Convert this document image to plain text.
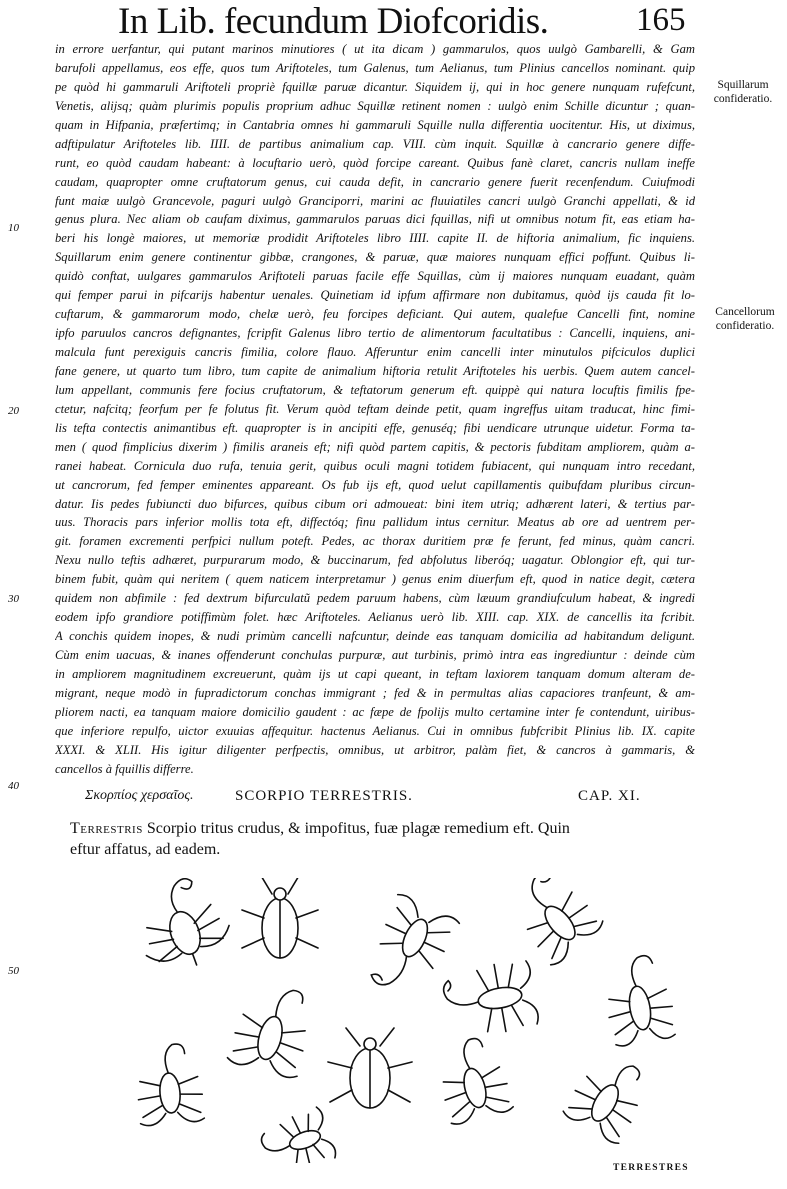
In Lib. fecundum Diofcoridis.	165
in errore uerfantur, qui putant marinos minutiores ( ut ita dicam ) gammarulos, quos uulgò Gambarelli, & Gam
barufoli appellamus, eos effe, quos tum Ariftoteles, tum Galenus, tum Aelianus, tum Plinius cancellos nominant. quip
pe quòd hi gammaruli Ariftoteli propriè fquillæ paruæ dicantur. Siquidem ij, qui in hoc genere nunquam rufefcunt,
Venetis, alijsq; quàm plurimis populis proprium adhuc Squillæ retinent nomen : uulgò enim Schille dicuntur ; quan-
quam in Hifpania, præfertimq; in Cantabria omnes hi gammaruli Squille nulla differentia uocitentur. His, ut diximus,
adftipulatur Ariftoteles lib. IIII. de partibus animalium cap. VIII. cùm inquit. Squillæ à cancrario genere diffe-
runt, eo quòd caudam habeant: à locuftario uerò, quòd forcipe careant. Quibus fanè claret, cancris nullam ineffe
caudam, quapropter omne cruftatorum genus, cui cauda defit, in cancrario genere fuerit recenfendum. Cuiufmodi
funt maiæ uulgò Grancevole, paguri uulgò Granciporri, marini ac fluuiatiles cancri uulgò Granchi appellati, & id
genus plura. Nec aliam ob caufam diximus, gammarulos paruas dici fquillas, nifi ut omnibus notum fit, eas etiam ha-
beri his longè maiores, ut memoriæ prodidit Ariftoteles libro IIII. capite II. de hiftoria animalium, fic inquiens.
Squillarum enim genere continentur gibbæ, crangones, & paruæ, quæ maiores nunquam effici poffunt. Quibus li-
quidò conftat, uulgares gammarulos Ariftoteli paruas facile effe Squillas, cùm ij maiores nunquam euadant, quàm
qui femper parui in pifcarijs habentur uenales. Quinetiam id ipfum affirmare non dubitamus, quòd ijs cauda fit lo-
cuftarum, & gammarorum modo, chelæ uerò, feu forcipes deficiant. Qui autem, qualefue Cancelli fint, nomine
ipfo paruulos cancros defignantes, fcripfit Galenus libro tertio de alimentorum facultatibus : Cancelli, inquiens, ani-
malcula funt perexiguis cancris fimilia, colore flauo. Afferuntur enim cancelli inter minutulos pifciculos duplici
fane genere, ut quarto tum libro, tum capite de animalium hiftoria retulit Ariftoteles his uerbis. Quem autem cancel-
lum appellant, communis fere focius cruftatorum, & teftatorum generum eft. quippè qui natura locuftis fimilis fpe-
ctetur, nafcitq; feorfum per fe folutus fit. Verum quòd teftam deinde petit, quam ingreffus uitam traducat, hinc fimi-
lis tefta contectis animantibus eft. quapropter is in ancipiti effe, genuséq; fibi uendicare utrunque uidetur. Forma ta-
men ( quod fimplicius dixerim ) fimilis araneis eft; nifi quòd partem capitis, & pectoris fubditam ampliorem, quàm a-
ranei habeat. Cornicula duo rufa, tenuia gerit, quibus oculi magni totidem fubiacent, qui nunquam intro recedant,
ut cancrorum, fed femper eminentes appareant. Os fub ijs eft, quod uelut capillamentis quibufdam pluribus circun-
datur. Iis pedes fubiuncti duo bifurces, quibus cibum ori admoueat: bini item utriq; adhærent lateri, & tertius par-
uus. Thoracis pars inferior mollis tota eft, diffectóq; finu pallidum intus cernitur. Meatus ab ore ad uentrem per-
git. foramen excrementi perfpici nullum poteft. Pedes, ac thorax duritiem præ fe ferunt, fed minus, quàm cancri.
Nexu nullo teftis adhæret, purpurarum modo, & buccinarum, fed abfolutus liberóq; uagatur. Oblongior eft, qui tur-
binem fubit, quàm qui neritem ( quem naticem interpretamur ) genus enim diuerfum eft, quod in natice degit, cætera
quidem non abfimile : fed dextrum bifurculatũ pedem paruum habens, cùm læuum grandiufculum habeat, & ingredi
eodem ipfo grandiore potiffimùm folet. hæc Ariftoteles. Aelianus uerò lib. XIII. cap. XIX. de cancellis ita fcribit.
A conchis quidem inopes, & nudi primùm cancelli nafcuntur, deinde eas tanquam domicilia ad habitandum deligunt.
Cùm enim uacuas, & inanes offenderunt conchulas purpuræ, aut turbinis, primò intra eas ingrediuntur : deinde cùm
in ampliorem magnitudinem excreuerunt, quàm ijs ut capi queant, in teftam laxiorem tanquam domum alteram de-
migrant, neque modò in fupradictorum conchas immigrant ; fed & in permultas alias capaciores tranfeunt, & am-
pliorem nacti, ea tanquam maiore domicilio gaudent : ac fæpe de fpolijs multo certamine inter fe contendunt, uiribus-
que inferiore repulfo, uictor exuuias affequitur. hactenus Aelianus. Cui in omnibus fubfcribit Plinius lib. IX. capite
XXXI. & XLII. His igitur diligenter perfpectis, omnibus, ut arbitror, palàm fiet, & cancros à gammaris, &
cancellos à fquillis differre.
Squillarum
confideratio.
Cancellorum
confideratio.
10
20
30
40
50
Σκορπίος χερσαῖος.	SCORPIO TERRESTRIS.	CAP. XI.
Terrestris Scorpio tritus crudus, & impofitus, fuæ plagæ remedium eft. Quin
eftur affatus, ad eadem.
TERRESTRES
